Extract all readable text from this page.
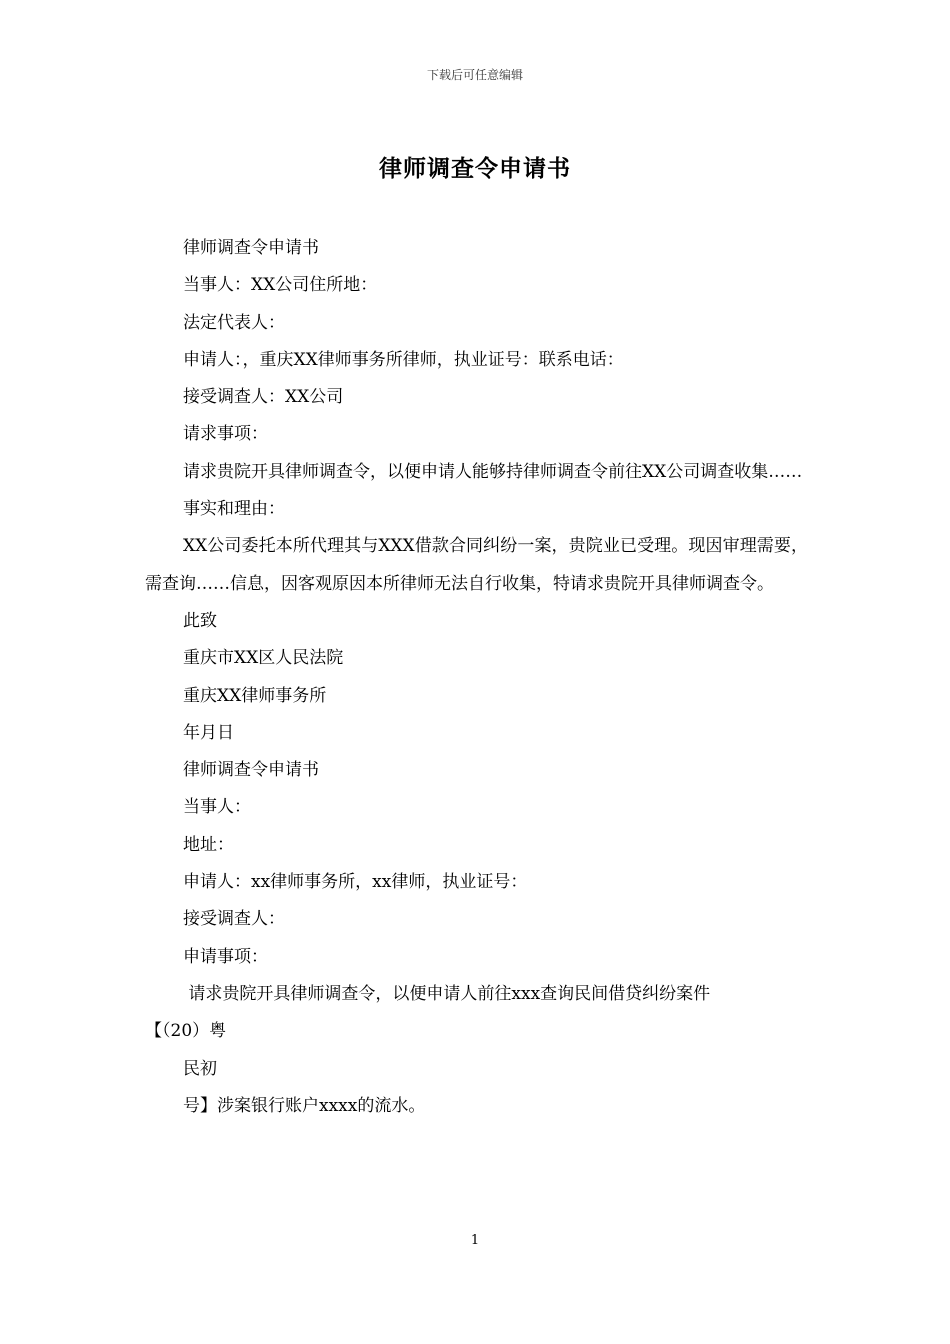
下载后可任意编辑
律师调查令申请书

律师调查令申请书

当事人：XX公司住所地：

法定代表人：

申请人：，重庆XX律师事务所律师，执业证号：联系电话：

接受调查人：XX公司

请求事项：

请求贵院开具律师调查令，以便申请人能够持律师调查令前往XX公司调查收集……

事实和理由：

XX公司委托本所代理其与XXX借款合同纠纷一案，贵院业已受理。现因审理需要，需查询……信息，因客观原因本所律师无法自行收集，特请求贵院开具律师调查令。

此致

重庆市XX区人民法院

重庆XX律师事务所

年月日

律师调查令申请书

当事人：

地址：

申请人：xx律师事务所，xx律师，执业证号：

接受调查人：

申请事项：

请求贵院开具律师调查令，以便申请人前往xxx查询民间借贷纠纷案件

【（20）粤

民初

号】涉案银行账户xxxx的流水。

1
